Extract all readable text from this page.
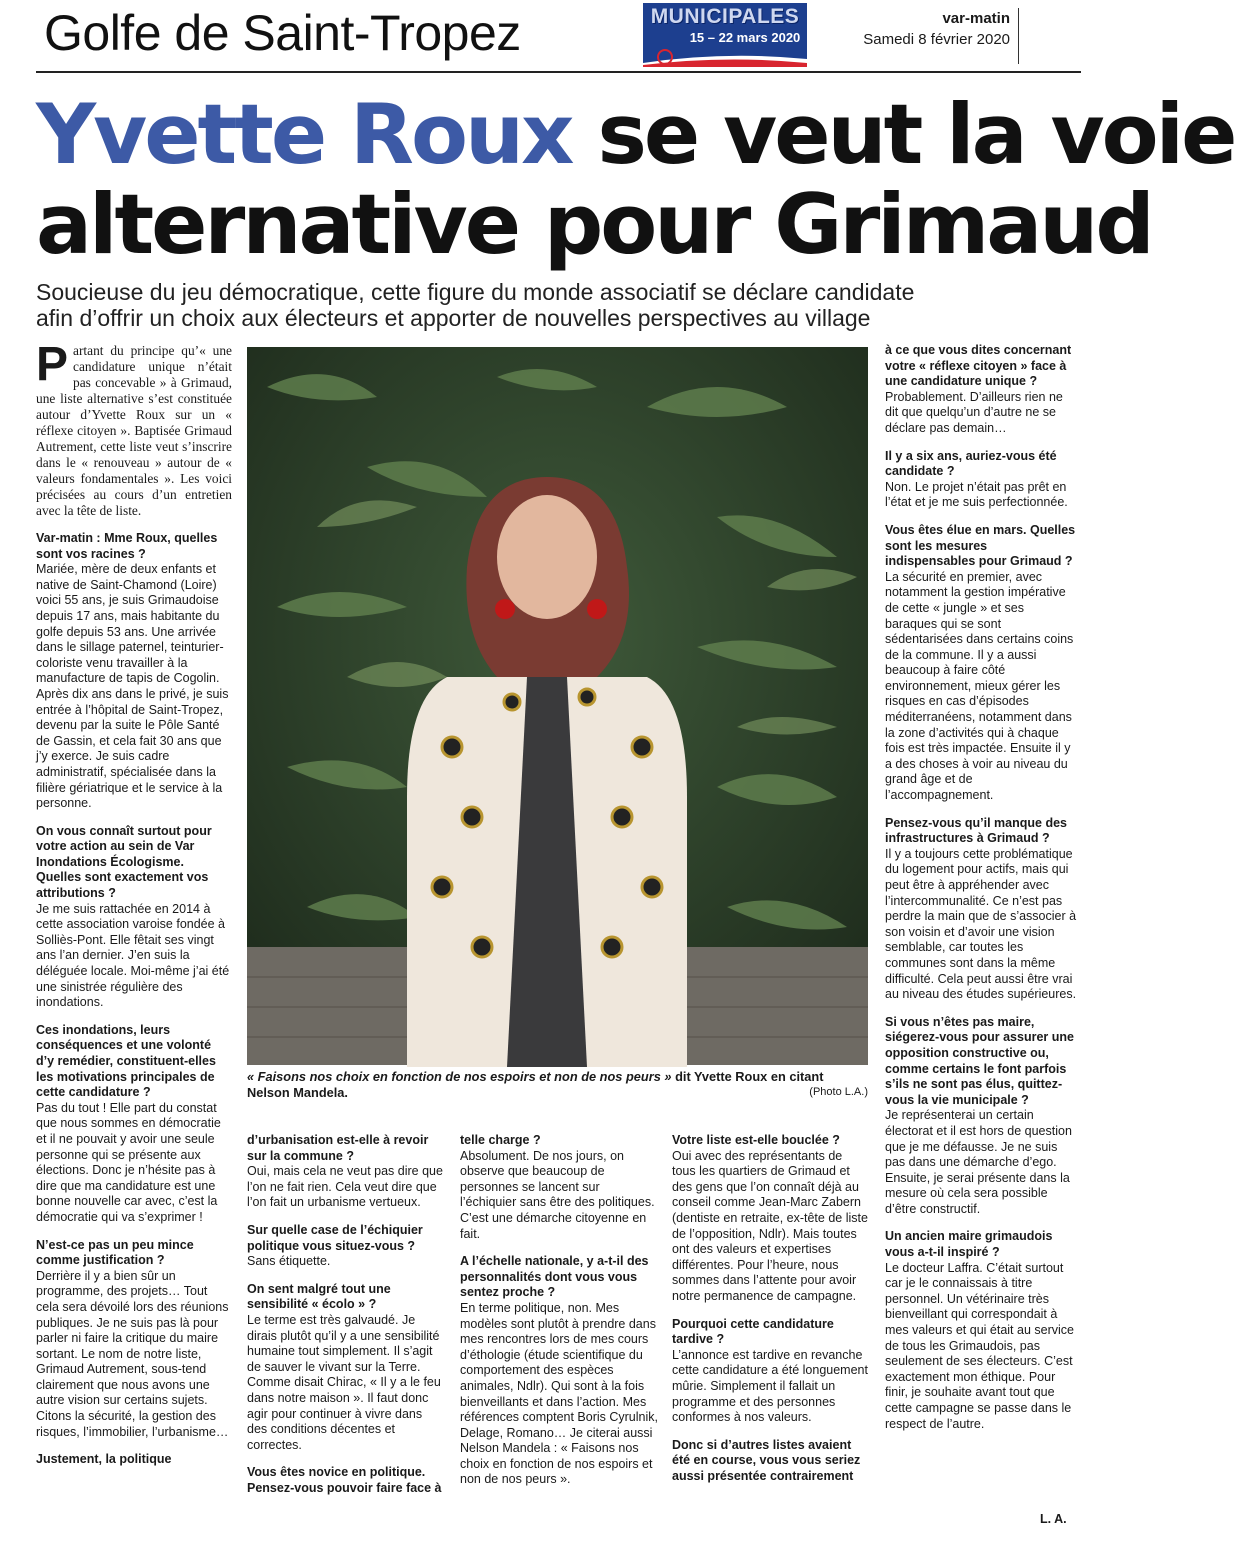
Golfe de Saint-Tropez	MUNICIPALES
15 – 22 mars 2020
var-matin
Samedi 8 février 2020
Yvette Roux se veut la voie
alternative pour Grimaud
Soucieuse du jeu démocratique, cette figure du monde associatif se déclare candidate
afin d’offrir un choix aux électeurs et apporter de nouvelles perspectives au village
Partant du principe qu’« une candidature unique n’était pas concevable » à Grimaud, une liste alternative s’est constituée autour d’Yvette Roux sur un « réflexe citoyen ». Baptisée Grimaud Autrement, cette liste veut s’inscrire dans le « renouveau » autour de « valeurs fondamentales ». Les voici précisées au cours d’un entretien avec la tête de liste.

Var-matin : Mme Roux, quelles sont vos racines ?
Mariée, mère de deux enfants et native de Saint-Chamond (Loire) voici 55 ans, je suis Grimaudoise depuis 17 ans, mais habitante du golfe depuis 53 ans. Une arrivée dans le sillage paternel, teinturier-coloriste venu travailler à la manufacture de tapis de Cogolin. Après dix ans dans le privé, je suis entrée à l’hôpital de Saint-Tropez, devenu par la suite le Pôle Santé de Gassin, et cela fait 30 ans que j’y exerce. Je suis cadre administratif, spécialisée dans la filière gériatrique et le service à la personne.

On vous connaît surtout pour votre action au sein de Var Inondations Écologisme. Quelles sont exactement vos attributions ?
Je me suis rattachée en 2014 à cette association varoise fondée à Solliès-Pont. Elle fêtait ses vingt ans l’an dernier. J’en suis la déléguée locale. Moi-même j’ai été une sinistrée régulière des inondations.

Ces inondations, leurs conséquences et une volonté d’y remédier, constituent-elles les motivations principales de cette candidature ?
Pas du tout ! Elle part du constat que nous sommes en démocratie et il ne pouvait y avoir une seule personne qui se présente aux élections. Donc je n’hésite pas à dire que ma candidature est une bonne nouvelle car avec, c’est la démocratie qui va s’exprimer !

N’est-ce pas un peu mince comme justification ?
Derrière il y a bien sûr un programme, des projets… Tout cela sera dévoilé lors des réunions publiques. Je ne suis pas là pour parler ni faire la critique du maire sortant. Le nom de notre liste, Grimaud Autrement, sous-tend clairement que nous avons une autre vision sur certains sujets. Citons la sécurité, la gestion des risques, l’immobilier, l’urbanisme…

Justement, la politique

« Faisons nos choix en fonction de nos espoirs et non de nos peurs » dit Yvette Roux en citant Nelson Mandela.	(Photo L.A.)

d’urbanisation est-elle à revoir sur la commune ?
Oui, mais cela ne veut pas dire que l’on ne fait rien. Cela veut dire que l’on fait un urbanisme vertueux.

Sur quelle case de l’échiquier politique vous situez-vous ?
Sans étiquette.

On sent malgré tout une sensibilité « écolo » ?
Le terme est très galvaudé. Je dirais plutôt qu’il y a une sensibilité humaine tout simplement. Il s’agit de sauver le vivant sur la Terre. Comme disait Chirac, « Il y a le feu dans notre maison ». Il faut donc agir pour continuer à vivre dans des conditions décentes et correctes.

Vous êtes novice en politique. Pensez-vous pouvoir faire face à

telle charge ?
Absolument. De nos jours, on observe que beaucoup de personnes se lancent sur l’échiquier sans être des politiques. C’est une démarche citoyenne en fait.

A l’échelle nationale, y a-t-il des personnalités dont vous vous sentez proche ?
En terme politique, non. Mes modèles sont plutôt à prendre dans mes rencontres lors de mes cours d’éthologie (étude scientifique du comportement des espèces animales, Ndlr). Qui sont à la fois bienveillants et dans l’action. Mes références comptent Boris Cyrulnik, Delage, Romano… Je citerai aussi Nelson Mandela : « Faisons nos choix en fonction de nos espoirs et non de nos peurs ».

Votre liste est-elle bouclée ?
Oui avec des représentants de tous les quartiers de Grimaud et des gens que l’on connaît déjà au conseil comme Jean-Marc Zabern (dentiste en retraite, ex-tête de liste de l’opposition, Ndlr). Mais toutes ont des valeurs et expertises différentes. Pour l’heure, nous sommes dans l’attente pour avoir notre permanence de campagne.

Pourquoi cette candidature tardive ?
L’annonce est tardive en revanche cette candidature a été longuement mûrie. Simplement il fallait un programme et des personnes conformes à nos valeurs.

Donc si d’autres listes avaient été en course, vous vous seriez aussi présentée contrairement

à ce que vous dites concernant votre « réflexe citoyen » face à une candidature unique ?
Probablement. D’ailleurs rien ne dit que quelqu’un d’autre ne se déclare pas demain…

Il y a six ans, auriez-vous été candidate ?
Non. Le projet n’était pas prêt en l’état et je me suis perfectionnée.

Vous êtes élue en mars. Quelles sont les mesures indispensables pour Grimaud ?
La sécurité en premier, avec notamment la gestion impérative de cette « jungle » et ses baraques qui se sont sédentarisées dans certains coins de la commune. Il y a aussi beaucoup à faire côté environnement, mieux gérer les risques en cas d’épisodes méditerranéens, notamment dans la zone d’activités qui à chaque fois est très impactée. Ensuite il y a des choses à voir au niveau du grand âge et de l’accompagnement.

Pensez-vous qu’il manque des infrastructures à Grimaud ?
Il y a toujours cette problématique du logement pour actifs, mais qui peut être à appréhender avec l’intercommunalité. Ce n’est pas perdre la main que de s’associer à son voisin et d’avoir une vision semblable, car toutes les communes sont dans la même difficulté. Cela peut aussi être vrai au niveau des études supérieures.

Si vous n’êtes pas maire, siégerez-vous pour assurer une opposition constructive ou, comme certains le font parfois s’ils ne sont pas élus, quittez-vous la vie municipale ?
Je représenterai un certain électorat et il est hors de question que je me défausse. Je ne suis pas dans une démarche d’ego. Ensuite, je serai présente dans la mesure où cela sera possible d’être constructif.

Un ancien maire grimaudois vous a-t-il inspiré ?
Le docteur Laffra. C’était surtout car je le connaissais à titre personnel. Un vétérinaire très bienveillant qui correspondait à mes valeurs et qui était au service de tous les Grimaudois, pas seulement de ses électeurs. C’est exactement mon éthique. Pour finir, je souhaite avant tout que cette campagne se passe dans le respect de l’autre.

L. A.
